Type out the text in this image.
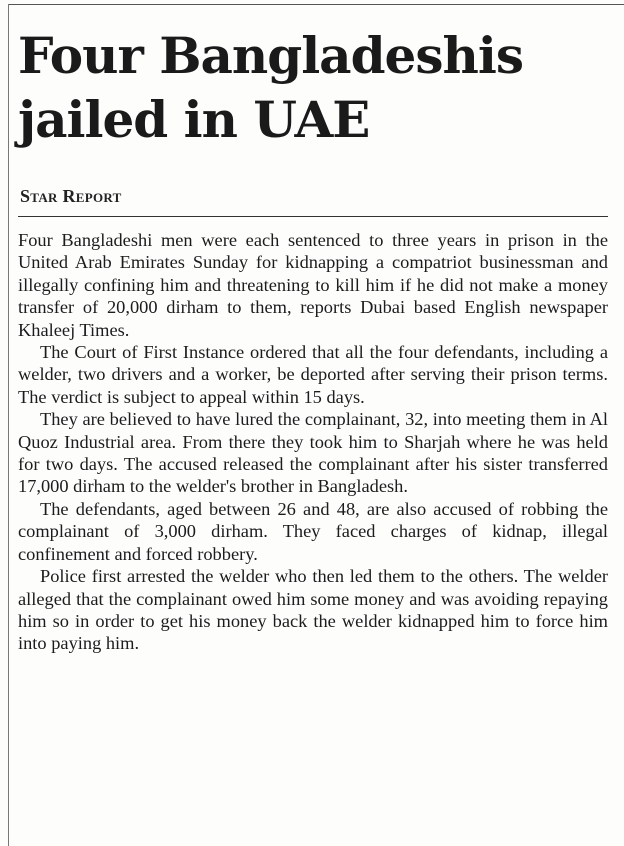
Four Bangladeshis jailed in UAE
Star Report

Four Bangladeshi men were each sentenced to three years in prison in the United Arab Emirates Sunday for kidnapping a compatriot businessman and illegally confining him and threatening to kill him if he did not make a money transfer of 20,000 dirham to them, reports Dubai based English newspaper Khaleej Times.

The Court of First Instance ordered that all the four defendants, including a welder, two drivers and a worker, be deported after serving their prison terms. The verdict is subject to appeal within 15 days.

They are believed to have lured the complainant, 32, into meeting them in Al Quoz Industrial area. From there they took him to Sharjah where he was held for two days. The accused released the complainant after his sister transferred 17,000 dirham to the welder's brother in Bangladesh.

The defendants, aged between 26 and 48, are also accused of robbing the complainant of 3,000 dirham. They faced charges of kidnap, illegal confinement and forced robbery.

Police first arrested the welder who then led them to the others. The welder alleged that the complainant owed him some money and was avoiding repaying him so in order to get his money back the welder kidnapped him to force him into paying him.
